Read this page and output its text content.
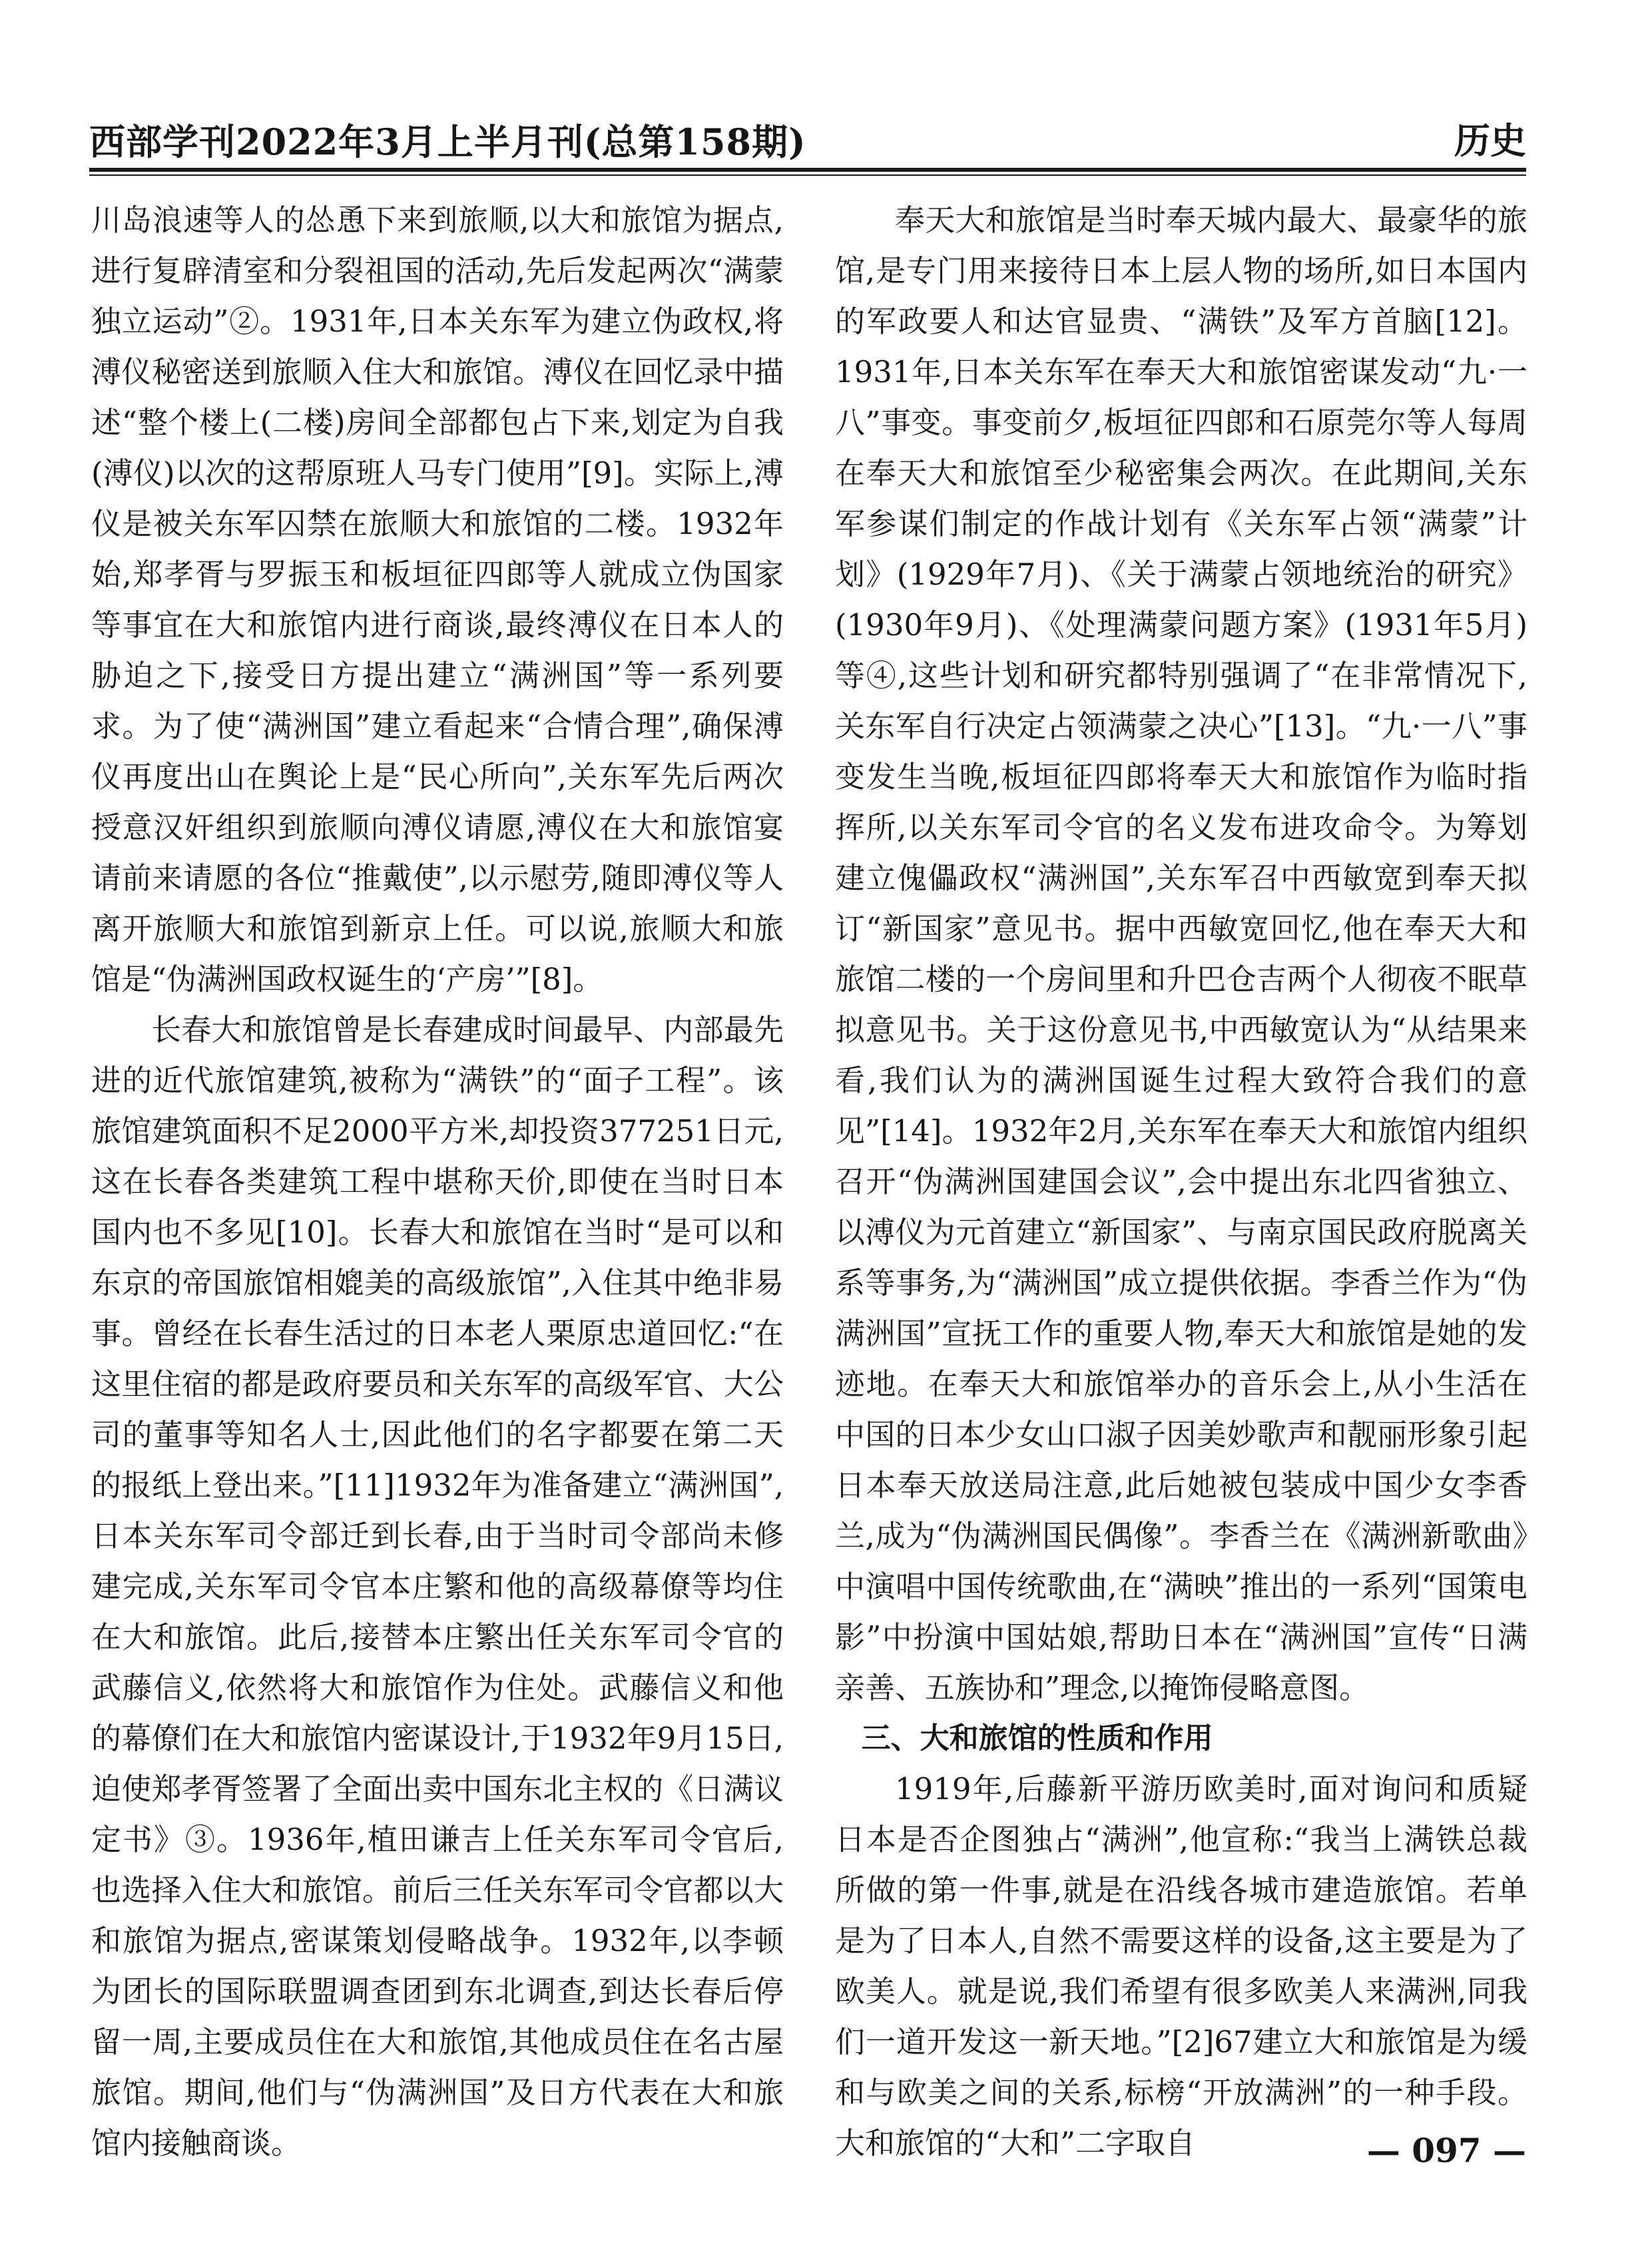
西部学刊2022年3月上半月刊(总第158期)	历史

川岛浪速等人的怂恿下来到旅顺,以大和旅馆为据点,进行复辟清室和分裂祖国的活动,先后发起两次“满蒙独立运动”②。1931年,日本关东军为建立伪政权,将溥仪秘密送到旅顺入住大和旅馆。溥仪在回忆录中描述“整个楼上(二楼)房间全部都包占下来,划定为自我(溥仪)以次的这帮原班人马专门使用”[9]。实际上,溥仪是被关东军囚禁在旅顺大和旅馆的二楼。1932年始,郑孝胥与罗振玉和板垣征四郎等人就成立伪国家等事宜在大和旅馆内进行商谈,最终溥仪在日本人的胁迫之下,接受日方提出建立“满洲国”等一系列要求。为了使“满洲国”建立看起来“合情合理”,确保溥仪再度出山在舆论上是“民心所向”,关东军先后两次授意汉奸组织到旅顺向溥仪请愿,溥仪在大和旅馆宴请前来请愿的各位“推戴使”,以示慰劳,随即溥仪等人离开旅顺大和旅馆到新京上任。可以说,旅顺大和旅馆是“伪满洲国政权诞生的‘产房’”[8]。

长春大和旅馆曾是长春建成时间最早、内部最先进的近代旅馆建筑,被称为“满铁”的“面子工程”。该旅馆建筑面积不足2000平方米,却投资377251日元,这在长春各类建筑工程中堪称天价,即使在当时日本国内也不多见[10]。长春大和旅馆在当时“是可以和东京的帝国旅馆相媲美的高级旅馆”,入住其中绝非易事。曾经在长春生活过的日本老人栗原忠道回忆:“在这里住宿的都是政府要员和关东军的高级军官、大公司的董事等知名人士,因此他们的名字都要在第二天的报纸上登出来。”[11]1932年为准备建立“满洲国”,日本关东军司令部迁到长春,由于当时司令部尚未修建完成,关东军司令官本庄繁和他的高级幕僚等均住在大和旅馆。此后,接替本庄繁出任关东军司令官的武藤信义,依然将大和旅馆作为住处。武藤信义和他的幕僚们在大和旅馆内密谋设计,于1932年9月15日,迫使郑孝胥签署了全面出卖中国东北主权的《日满议定书》③。1936年,植田谦吉上任关东军司令官后,也选择入住大和旅馆。前后三任关东军司令官都以大和旅馆为据点,密谋策划侵略战争。1932年,以李顿为团长的国际联盟调查团到东北调查,到达长春后停留一周,主要成员住在大和旅馆,其他成员住在名古屋旅馆。期间,他们与“伪满洲国”及日方代表在大和旅馆内接触商谈。

奉天大和旅馆是当时奉天城内最大、最豪华的旅馆,是专门用来接待日本上层人物的场所,如日本国内的军政要人和达官显贵、“满铁”及军方首脑[12]。1931年,日本关东军在奉天大和旅馆密谋发动“九·一八”事变。事变前夕,板垣征四郎和石原莞尔等人每周在奉天大和旅馆至少秘密集会两次。在此期间,关东军参谋们制定的作战计划有《关东军占领“满蒙”计划》(1929年7月)、《关于满蒙占领地统治的研究》(1930年9月)、《处理满蒙问题方案》(1931年5月)等④,这些计划和研究都特别强调了“在非常情况下,关东军自行决定占领满蒙之决心”[13]。“九·一八”事变发生当晚,板垣征四郎将奉天大和旅馆作为临时指挥所,以关东军司令官的名义发布进攻命令。为筹划建立傀儡政权“满洲国”,关东军召中西敏宽到奉天拟订“新国家”意见书。据中西敏宽回忆,他在奉天大和旅馆二楼的一个房间里和升巴仓吉两个人彻夜不眠草拟意见书。关于这份意见书,中西敏宽认为“从结果来看,我们认为的满洲国诞生过程大致符合我们的意见”[14]。1932年2月,关东军在奉天大和旅馆内组织召开“伪满洲国建国会议”,会中提出东北四省独立、以溥仪为元首建立“新国家”、与南京国民政府脱离关系等事务,为“满洲国”成立提供依据。李香兰作为“伪满洲国”宣抚工作的重要人物,奉天大和旅馆是她的发迹地。在奉天大和旅馆举办的音乐会上,从小生活在中国的日本少女山口淑子因美妙歌声和靓丽形象引起日本奉天放送局注意,此后她被包装成中国少女李香兰,成为“伪满洲国民偶像”。李香兰在《满洲新歌曲》中演唱中国传统歌曲,在“满映”推出的一系列“国策电影”中扮演中国姑娘,帮助日本在“满洲国”宣传“日满亲善、五族协和”理念,以掩饰侵略意图。

三、大和旅馆的性质和作用

1919年,后藤新平游历欧美时,面对询问和质疑日本是否企图独占“满洲”,他宣称:“我当上满铁总裁所做的第一件事,就是在沿线各城市建造旅馆。若单是为了日本人,自然不需要这样的设备,这主要是为了欧美人。就是说,我们希望有很多欧美人来满洲,同我们一道开发这一新天地。”[2]67建立大和旅馆是为缓和与欧美之间的关系,标榜“开放满洲”的一种手段。大和旅馆的“大和”二字取自	— 097 —
